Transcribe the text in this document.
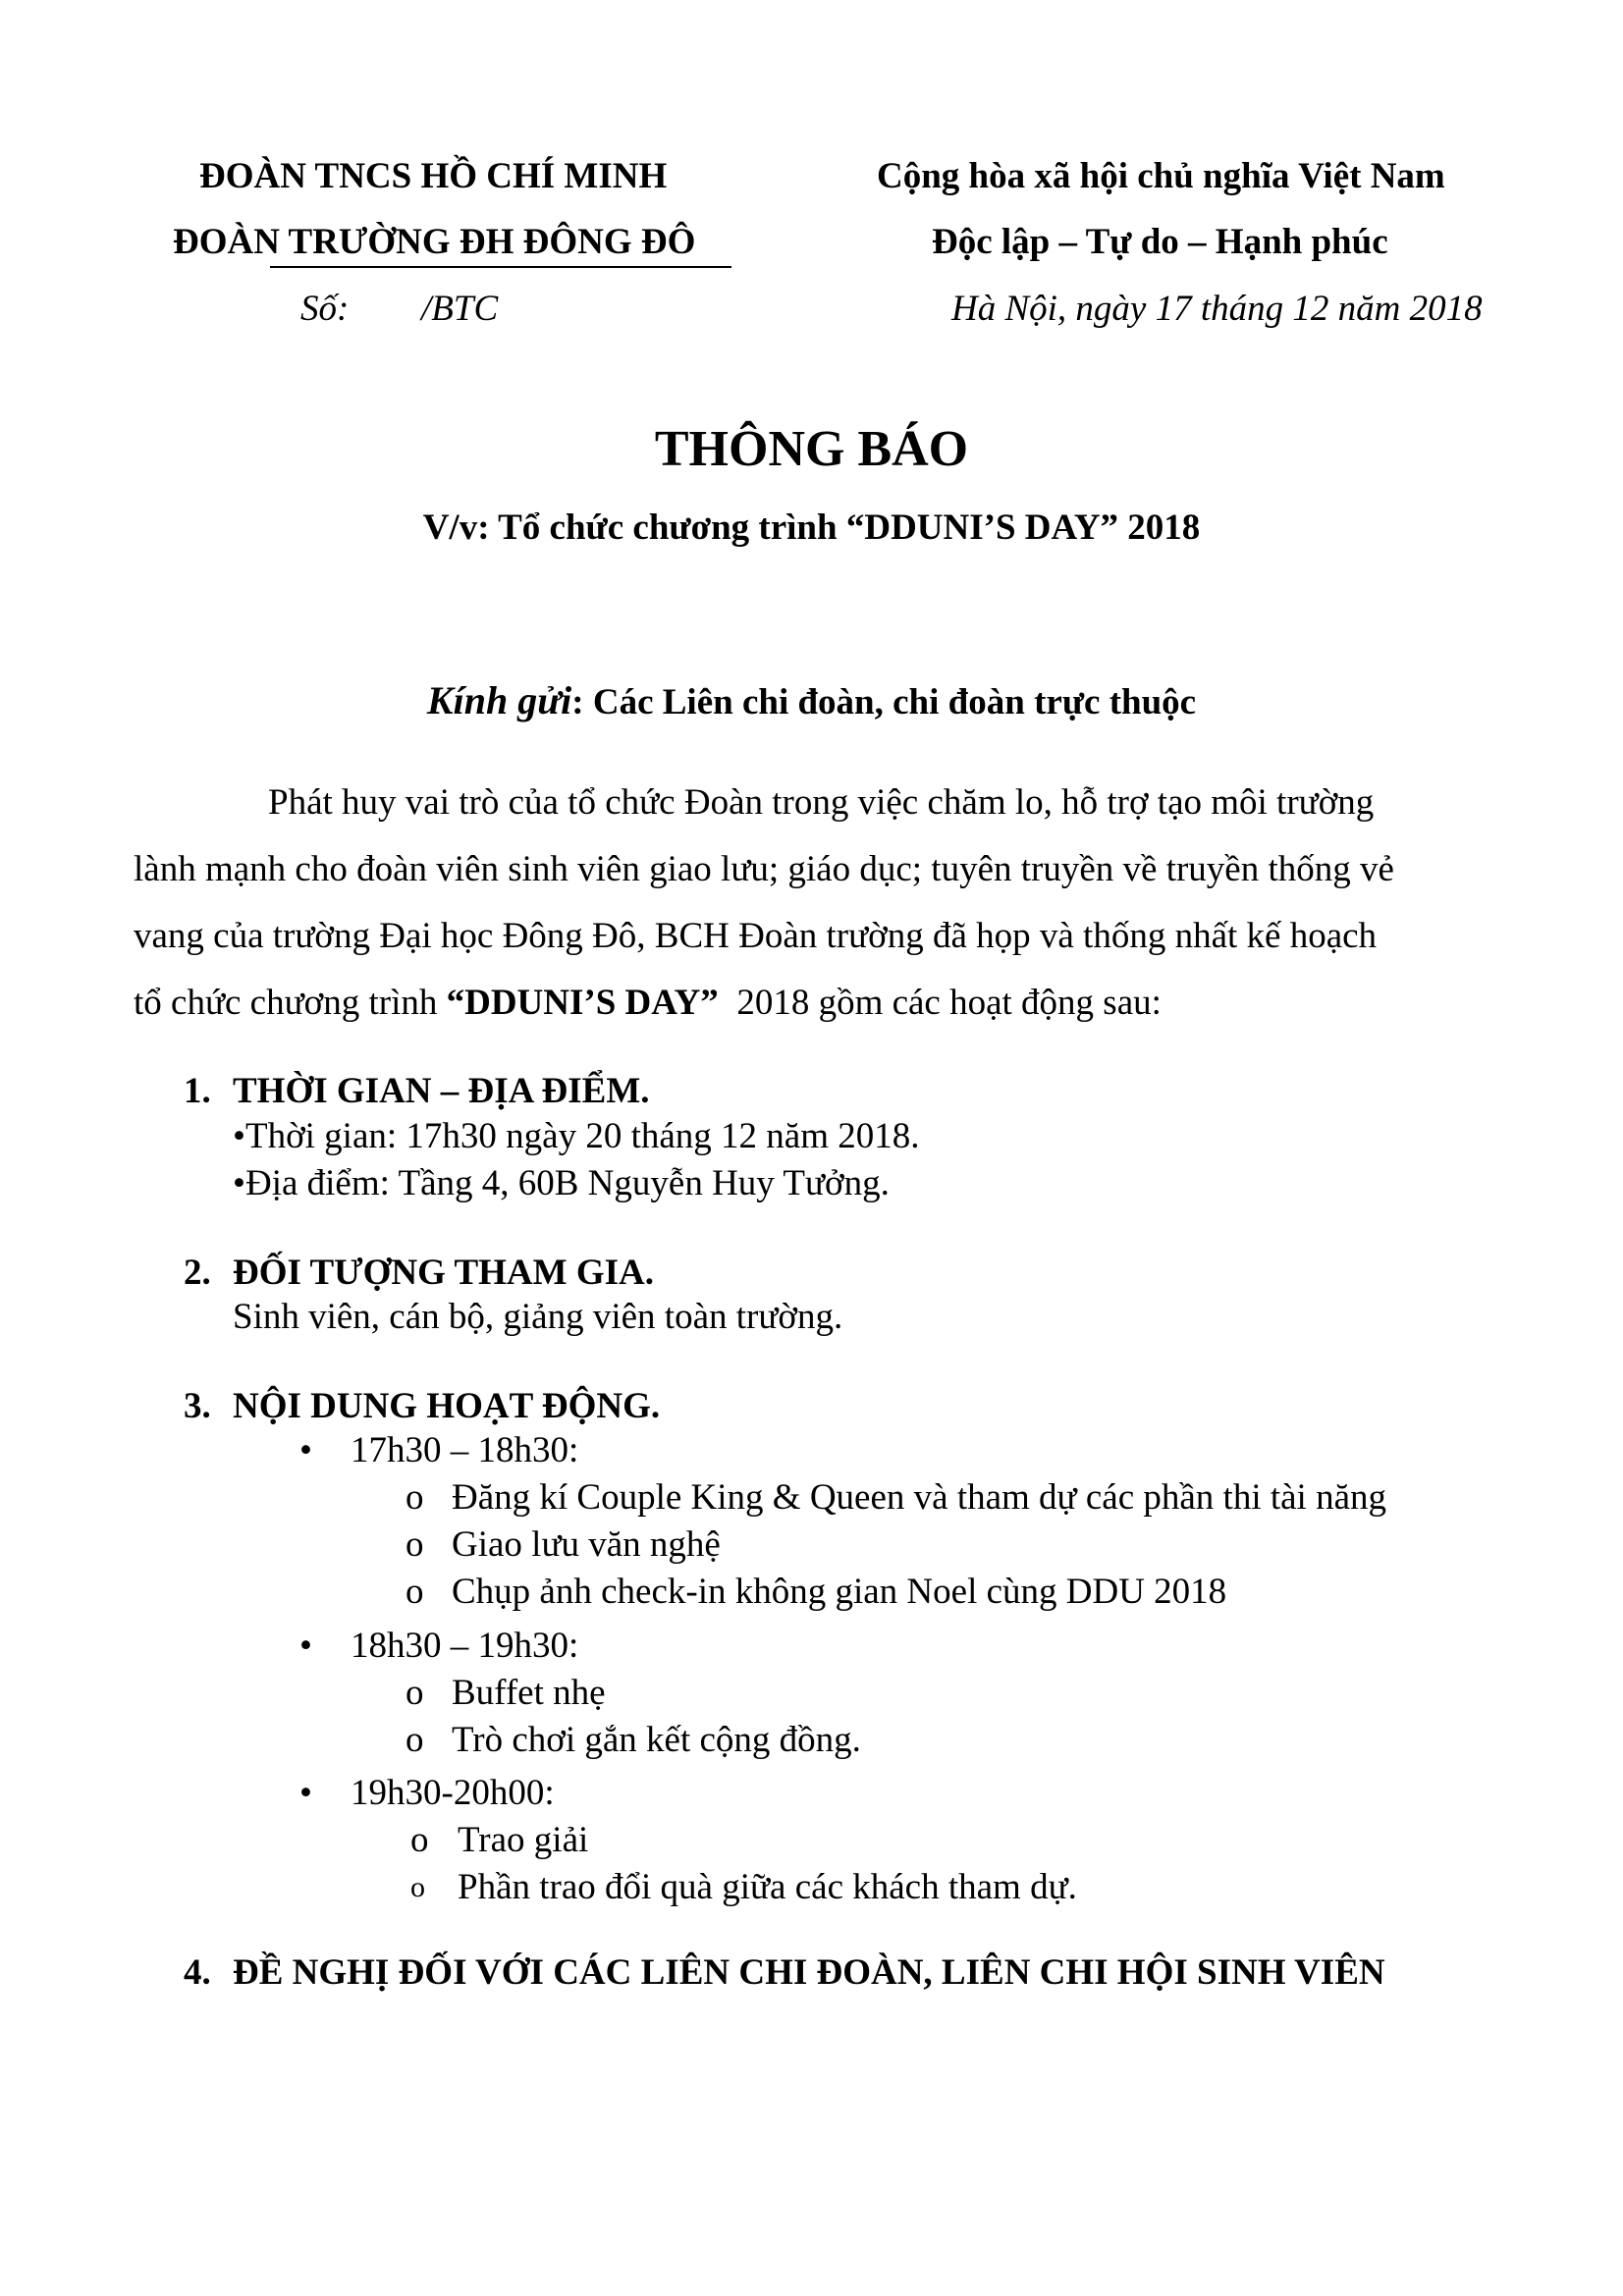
ĐOÀN TNCS HỒ CHÍ MINH
ĐOÀN TRƯỜNG ĐH ĐÔNG ĐÔ
Số: /BTC
Cộng hòa xã hội chủ nghĩa Việt Nam
Độc lập – Tự do – Hạnh phúc
Hà Nội, ngày 17 tháng 12 năm 2018
THÔNG BÁO
V/v: Tổ chức chương trình “DDUNI’S DAY” 2018
Kính gửi: Các Liên chi đoàn, chi đoàn trực thuộc
Phát huy vai trò của tổ chức Đoàn trong việc chăm lo, hỗ trợ tạo môi trường
lành mạnh cho đoàn viên sinh viên giao lưu; giáo dục; tuyên truyền về truyền thống vẻ
vang của trường Đại học Đông Đô, BCH Đoàn trường đã họp và thống nhất kế hoạch
tổ chức chương trình “DDUNI’S DAY”  2018 gồm các hoạt động sau:
1. THỜI GIAN – ĐỊA ĐIỂM.
•Thời gian: 17h30 ngày 20 tháng 12 năm 2018.
•Địa điểm: Tầng 4, 60B Nguyễn Huy Tưởng.
2. ĐỐI TƯỢNG THAM GIA.
Sinh viên, cán bộ, giảng viên toàn trường.
3. NỘI DUNG HOẠT ĐỘNG.
• 17h30 – 18h30:
o Đăng kí Couple King & Queen và tham dự các phần thi tài năng
o Giao lưu văn nghệ
o Chụp ảnh check-in không gian Noel cùng DDU 2018
• 18h30 – 19h30:
o Buffet nhẹ
o Trò chơi gắn kết cộng đồng.
• 19h30-20h00:
o Trao giải
o Phần trao đổi quà giữa các khách tham dự.
4. ĐỀ NGHỊ ĐỐI VỚI CÁC LIÊN CHI ĐOÀN, LIÊN CHI HỘI SINH VIÊN
